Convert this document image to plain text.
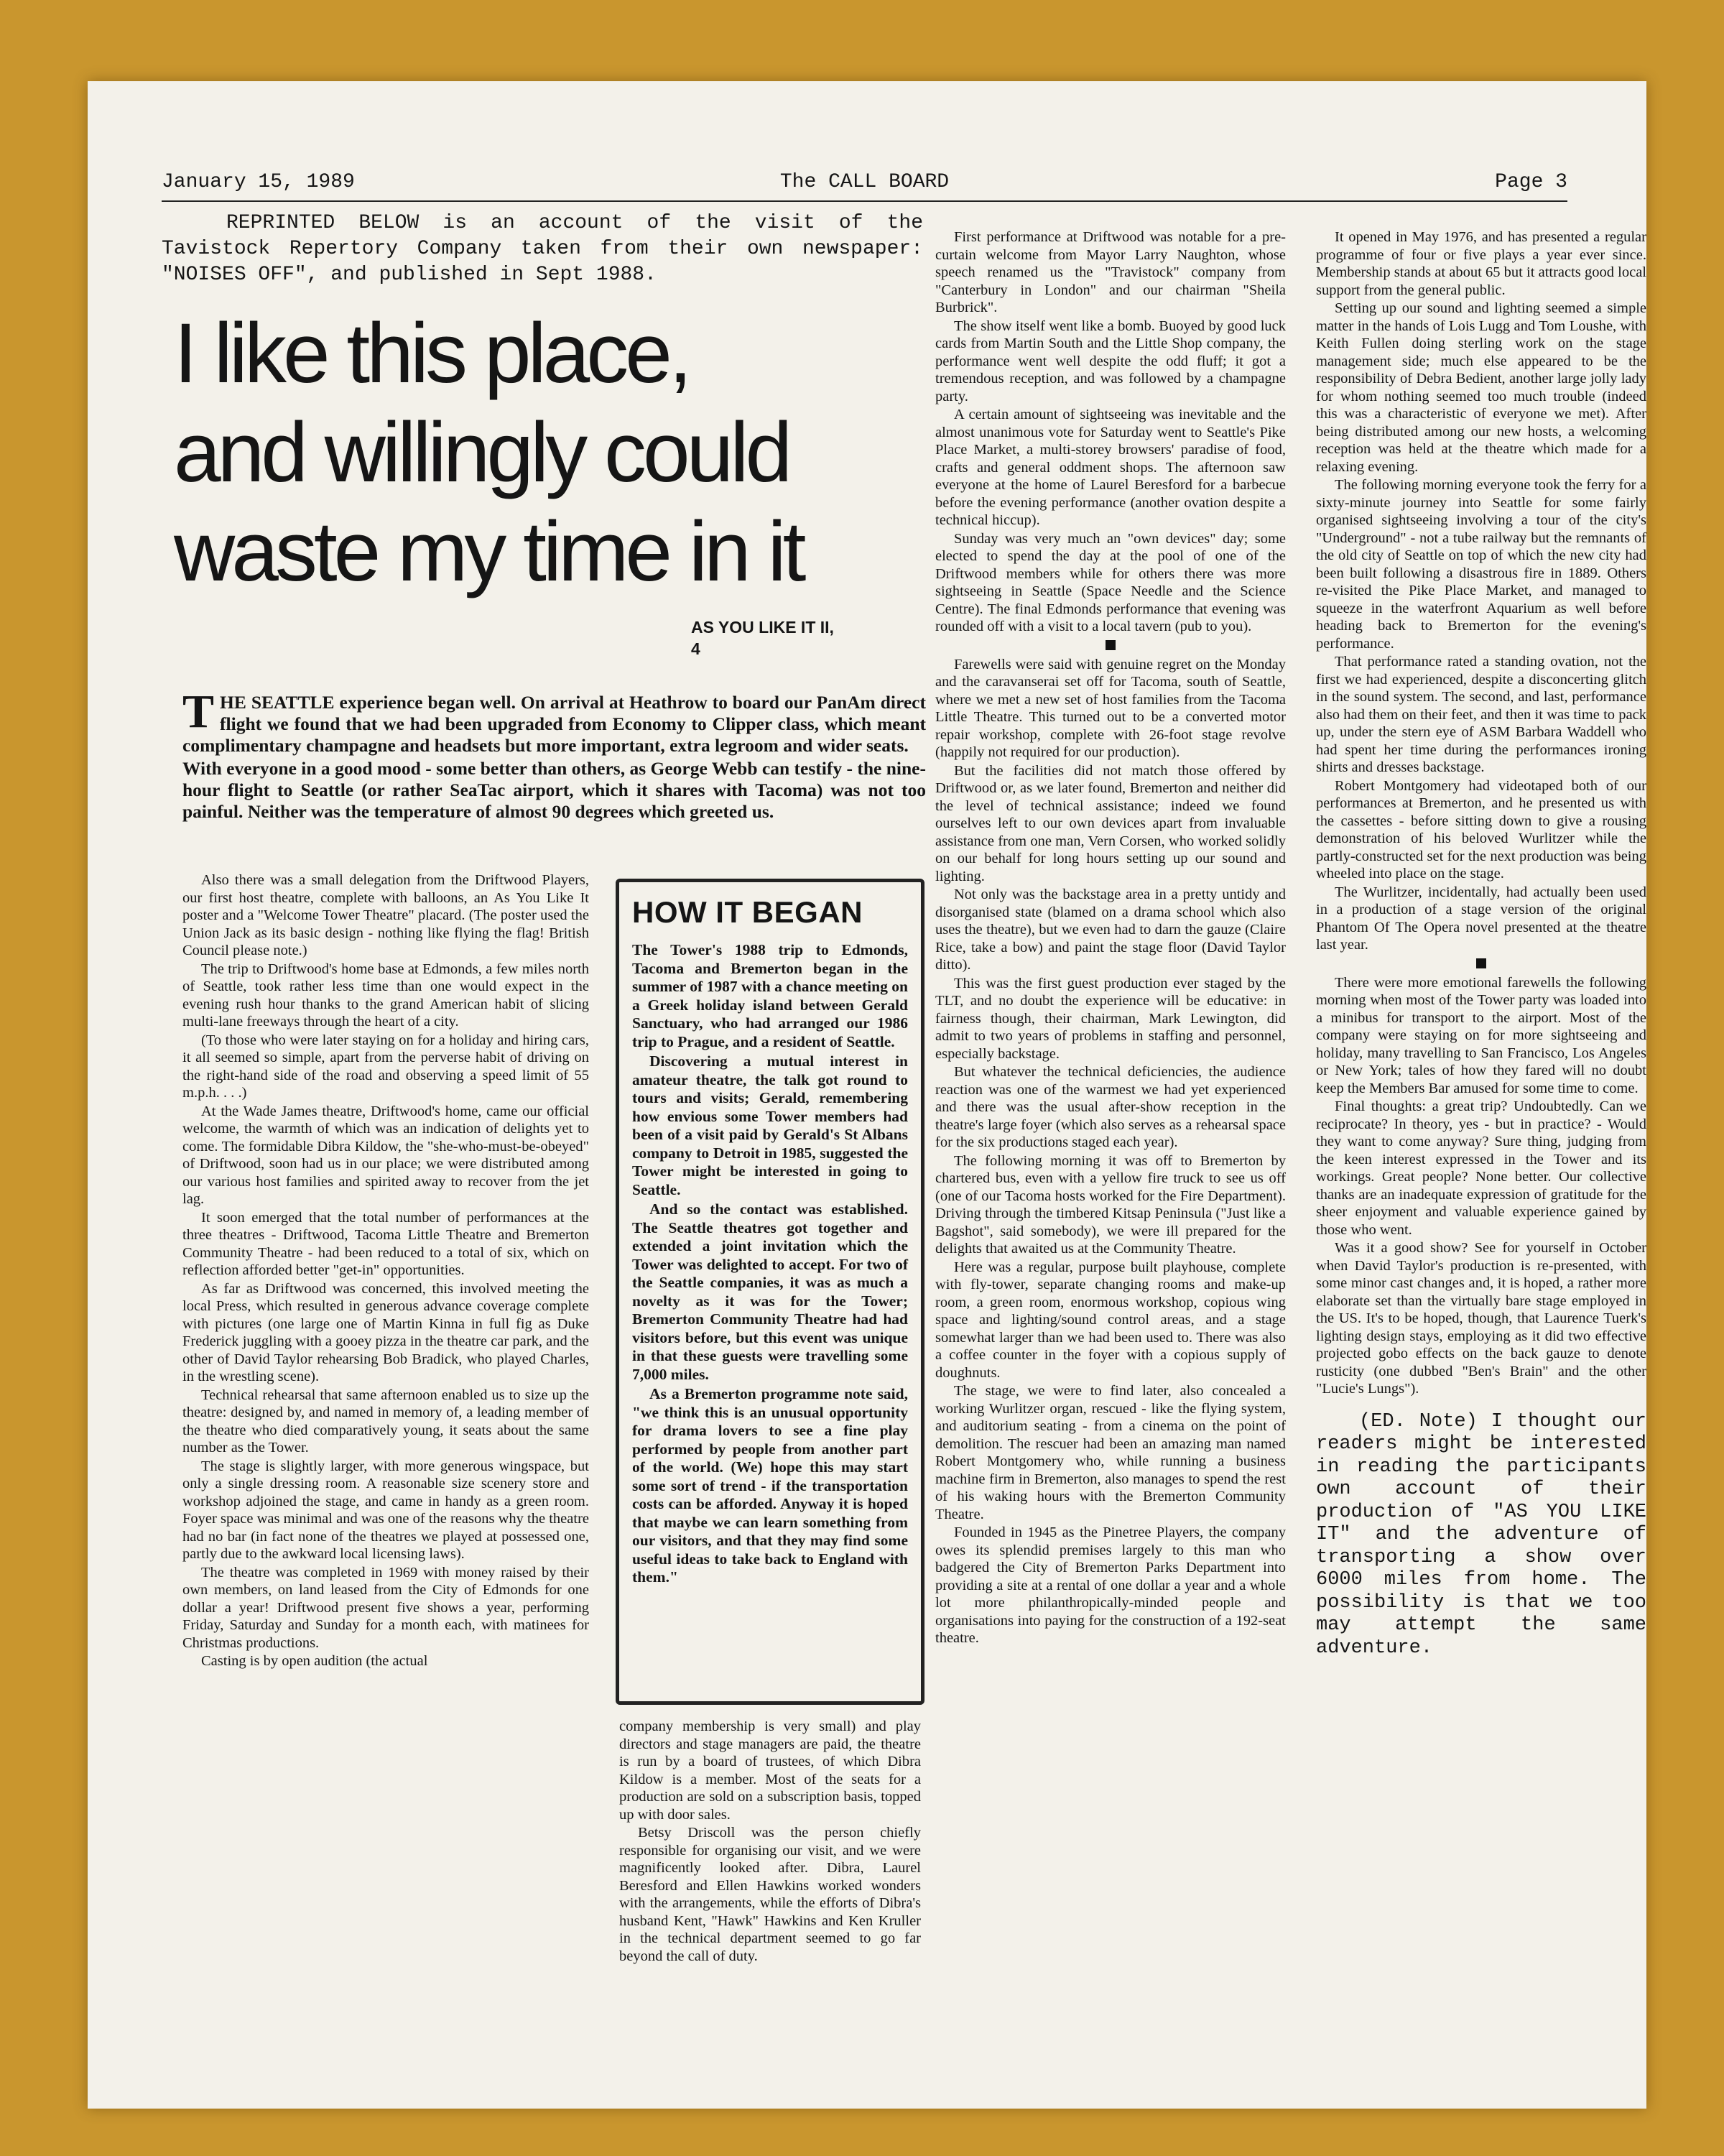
January 15, 1989	The CALL BOARD	Page 3
REPRINTED BELOW is an account of the visit of the Tavistock Repertory Company taken from their own newspaper: "NOISES OFF", and published in Sept 1988.
I like this place, and willingly could waste my time in it
AS YOU LIKE IT II, 4

THE SEATTLE experience began well. On arrival at Heathrow to board our PanAm direct flight we found that we had been upgraded from Economy to Clipper class, which meant complimentary champagne and headsets but more important, extra legroom and wider seats.

With everyone in a good mood - some better than others, as George Webb can testify - the nine-hour flight to Seattle (or rather SeaTac airport, which it shares with Tacoma) was not too painful. Neither was the temperature of almost 90 degrees which greeted us.

Also there was a small delegation from the Driftwood Players, our first host theatre, complete with balloons, an As You Like It poster and a "Welcome Tower Theatre" placard. (The poster used the Union Jack as its basic design - nothing like flying the flag! British Council please note.)

The trip to Driftwood's home base at Edmonds, a few miles north of Seattle, took rather less time than one would expect in the evening rush hour thanks to the grand American habit of slicing multi-lane freeways through the heart of a city.

(To those who were later staying on for a holiday and hiring cars, it all seemed so simple, apart from the perverse habit of driving on the right-hand side of the road and observing a speed limit of 55 m.p.h. . . .)

At the Wade James theatre, Driftwood's home, came our official welcome, the warmth of which was an indication of delights yet to come. The formidable Dibra Kildow, the "she-who-must-be-obeyed" of Driftwood, soon had us in our place; we were distributed among our various host families and spirited away to recover from the jet lag.

It soon emerged that the total number of performances at the three theatres - Driftwood, Tacoma Little Theatre and Bremerton Community Theatre - had been reduced to a total of six, which on reflection afforded better "get-in" opportunities.

As far as Driftwood was concerned, this involved meeting the local Press, which resulted in generous advance coverage complete with pictures (one large one of Martin Kinna in full fig as Duke Frederick juggling with a gooey pizza in the theatre car park, and the other of David Taylor rehearsing Bob Bradick, who played Charles, in the wrestling scene).

Technical rehearsal that same afternoon enabled us to size up the theatre: designed by, and named in memory of, a leading member of the theatre who died comparatively young, it seats about the same number as the Tower.

The stage is slightly larger, with more generous wingspace, but only a single dressing room. A reasonable size scenery store and workshop adjoined the stage, and came in handy as a green room. Foyer space was minimal and was one of the reasons why the theatre had no bar (in fact none of the theatres we played at possessed one, partly due to the awkward local licensing laws).

The theatre was completed in 1969 with money raised by their own members, on land leased from the City of Edmonds for one dollar a year! Driftwood present five shows a year, performing Friday, Saturday and Sunday for a month each, with matinees for Christmas productions.

Casting is by open audition (the actual

HOW IT BEGAN

The Tower's 1988 trip to Edmonds, Tacoma and Bremerton began in the summer of 1987 with a chance meeting on a Greek holiday island between Gerald Sanctuary, who had arranged our 1986 trip to Prague, and a resident of Seattle.

Discovering a mutual interest in amateur theatre, the talk got round to tours and visits; Gerald, remembering how envious some Tower members had been of a visit paid by Gerald's St Albans company to Detroit in 1985, suggested the Tower might be interested in going to Seattle.

And so the contact was established. The Seattle theatres got together and extended a joint invitation which the Tower was delighted to accept. For two of the Seattle companies, it was as much a novelty as it was for the Tower; Bremerton Community Theatre had had visitors before, but this event was unique in that these guests were travelling some 7,000 miles.

As a Bremerton programme note said, "we think this is an unusual opportunity for drama lovers to see a fine play performed by people from another part of the world. (We) hope this may start some sort of trend - if the transportation costs can be afforded. Anyway it is hoped that maybe we can learn something from our visitors, and that they may find some useful ideas to take back to England with them."

company membership is very small) and play directors and stage managers are paid, the theatre is run by a board of trustees, of which Dibra Kildow is a member. Most of the seats for a production are sold on a subscription basis, topped up with door sales.

Betsy Driscoll was the person chiefly responsible for organising our visit, and we were magnificently looked after. Dibra, Laurel Beresford and Ellen Hawkins worked wonders with the arrangements, while the efforts of Dibra's husband Kent, "Hawk" Hawkins and Ken Kruller in the technical department seemed to go far beyond the call of duty.

First performance at Driftwood was notable for a pre-curtain welcome from Mayor Larry Naughton, whose speech renamed us the "Travistock" company from "Canterbury in London" and our chairman "Sheila Burbrick".

The show itself went like a bomb. Buoyed by good luck cards from Martin South and the Little Shop company, the performance went well despite the odd fluff; it got a tremendous reception, and was followed by a champagne party.

A certain amount of sightseeing was inevitable and the almost unanimous vote for Saturday went to Seattle's Pike Place Market, a multi-storey browsers' paradise of food, crafts and general oddment shops. The afternoon saw everyone at the home of Laurel Beresford for a barbecue before the evening performance (another ovation despite a technical hiccup).

Sunday was very much an "own devices" day; some elected to spend the day at the pool of one of the Driftwood members while for others there was more sightseeing in Seattle (Space Needle and the Science Centre). The final Edmonds performance that evening was rounded off with a visit to a local tavern (pub to you).

Farewells were said with genuine regret on the Monday and the caravanserai set off for Tacoma, south of Seattle, where we met a new set of host families from the Tacoma Little Theatre. This turned out to be a converted motor repair workshop, complete with 26-foot stage revolve (happily not required for our production).

But the facilities did not match those offered by Driftwood or, as we later found, Bremerton and neither did the level of technical assistance; indeed we found ourselves left to our own devices apart from invaluable assistance from one man, Vern Corsen, who worked solidly on our behalf for long hours setting up our sound and lighting.

Not only was the backstage area in a pretty untidy and disorganised state (blamed on a drama school which also uses the theatre), but we even had to darn the gauze (Claire Rice, take a bow) and paint the stage floor (David Taylor ditto).

This was the first guest production ever staged by the TLT, and no doubt the experience will be educative: in fairness though, their chairman, Mark Lewington, did admit to two years of problems in staffing and personnel, especially backstage.

But whatever the technical deficiencies, the audience reaction was one of the warmest we had yet experienced and there was the usual after-show reception in the theatre's large foyer (which also serves as a rehearsal space for the six productions staged each year).

The following morning it was off to Bremerton by chartered bus, even with a yellow fire truck to see us off (one of our Tacoma hosts worked for the Fire Department). Driving through the timbered Kitsap Peninsula ("Just like a Bagshot", said somebody), we were ill prepared for the delights that awaited us at the Community Theatre.

Here was a regular, purpose built playhouse, complete with fly-tower, separate changing rooms and make-up room, a green room, enormous workshop, copious wing space and lighting/sound control areas, and a stage somewhat larger than we had been used to. There was also a coffee counter in the foyer with a copious supply of doughnuts.

The stage, we were to find later, also concealed a working Wurlitzer organ, rescued - like the flying system, and auditorium seating - from a cinema on the point of demolition. The rescuer had been an amazing man named Robert Montgomery who, while running a business machine firm in Bremerton, also manages to spend the rest of his waking hours with the Bremerton Community Theatre.

Founded in 1945 as the Pinetree Players, the company owes its splendid premises largely to this man who badgered the City of Bremerton Parks Department into providing a site at a rental of one dollar a year and a whole lot more philanthropically-minded people and organisations into paying for the construction of a 192-seat theatre.

It opened in May 1976, and has presented a regular programme of four or five plays a year ever since. Membership stands at about 65 but it attracts good local support from the general public.

Setting up our sound and lighting seemed a simple matter in the hands of Lois Lugg and Tom Loushe, with Keith Fullen doing sterling work on the stage management side; much else appeared to be the responsibility of Debra Bedient, another large jolly lady for whom nothing seemed too much trouble (indeed this was a characteristic of everyone we met). After being distributed among our new hosts, a welcoming reception was held at the theatre which made for a relaxing evening.

The following morning everyone took the ferry for a sixty-minute journey into Seattle for some fairly organised sightseeing involving a tour of the city's "Underground" - not a tube railway but the remnants of the old city of Seattle on top of which the new city had been built following a disastrous fire in 1889. Others re-visited the Pike Place Market, and managed to squeeze in the waterfront Aquarium as well before heading back to Bremerton for the evening's performance.

That performance rated a standing ovation, not the first we had experienced, despite a disconcerting glitch in the sound system. The second, and last, performance also had them on their feet, and then it was time to pack up, under the stern eye of ASM Barbara Waddell who had spent her time during the performances ironing shirts and dresses backstage.

Robert Montgomery had videotaped both of our performances at Bremerton, and he presented us with the cassettes - before sitting down to give a rousing demonstration of his beloved Wurlitzer while the partly-constructed set for the next production was being wheeled into place on the stage.

The Wurlitzer, incidentally, had actually been used in a production of a stage version of the original Phantom Of The Opera novel presented at the theatre last year.

There were more emotional farewells the following morning when most of the Tower party was loaded into a minibus for transport to the airport. Most of the company were staying on for more sightseeing and holiday, many travelling to San Francisco, Los Angeles or New York; tales of how they fared will no doubt keep the Members Bar amused for some time to come.

Final thoughts: a great trip? Undoubtedly. Can we reciprocate? In theory, yes - but in practice? - Would they want to come anyway? Sure thing, judging from the keen interest expressed in the Tower and its workings. Great people? None better. Our collective thanks are an inadequate expression of gratitude for the sheer enjoyment and valuable experience gained by those who went.

Was it a good show? See for yourself in October when David Taylor's production is re-presented, with some minor cast changes and, it is hoped, a rather more elaborate set than the virtually bare stage employed in the US. It's to be hoped, though, that Laurence Tuerk's lighting design stays, employing as it did two effective projected gobo effects on the back gauze to denote rusticity (one dubbed "Ben's Brain" and the other "Lucie's Lungs").

(ED. Note) I thought our readers might be interested in reading the participants own account of their production of "AS YOU LIKE IT" and the adventure of transporting a show over 6000 miles from home. The possibility is that we too may attempt the same adventure.
